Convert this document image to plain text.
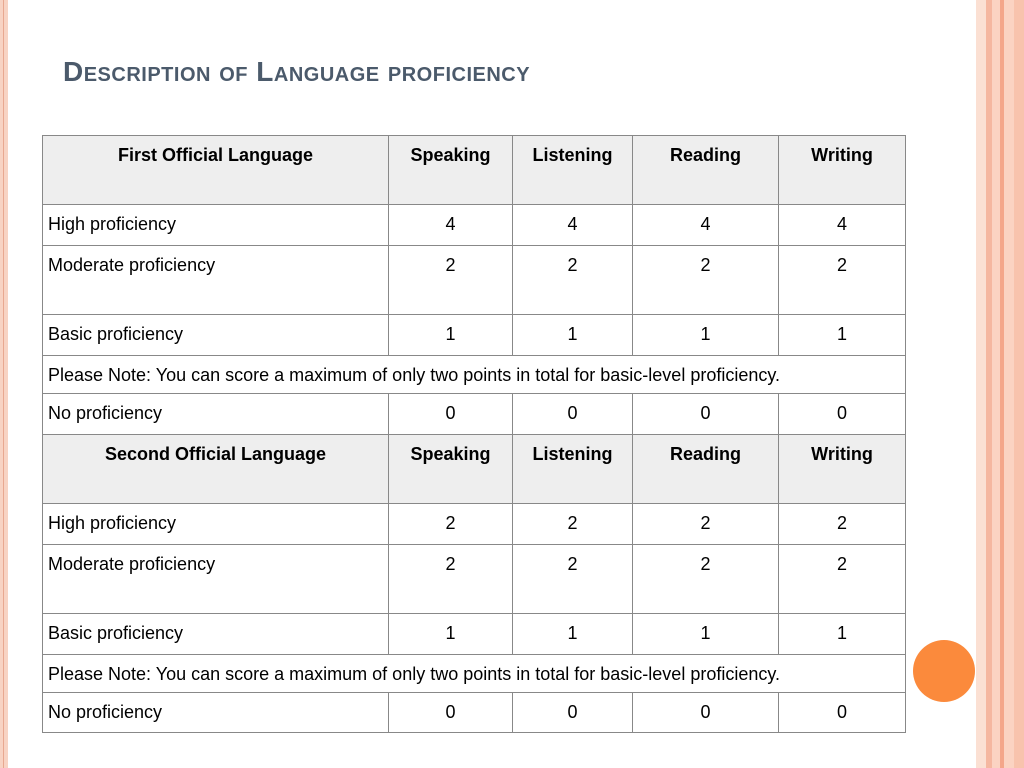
Description of Language proficiency
First Official Language	Speaking	Listening	Reading	Writing
High proficiency	4	4	4	4
Moderate proficiency	2	2	2	2
Basic proficiency	1	1	1	1
Please Note: You can score a maximum of only two points in total for basic-level proficiency.				
No proficiency	0	0	0	0
Second Official Language	Speaking	Listening	Reading	Writing
High proficiency	2	2	2	2
Moderate proficiency	2	2	2	2
Basic proficiency	1	1	1	1
Please Note: You can score a maximum of only two points in total for basic-level proficiency.				
No proficiency	0	0	0	0
